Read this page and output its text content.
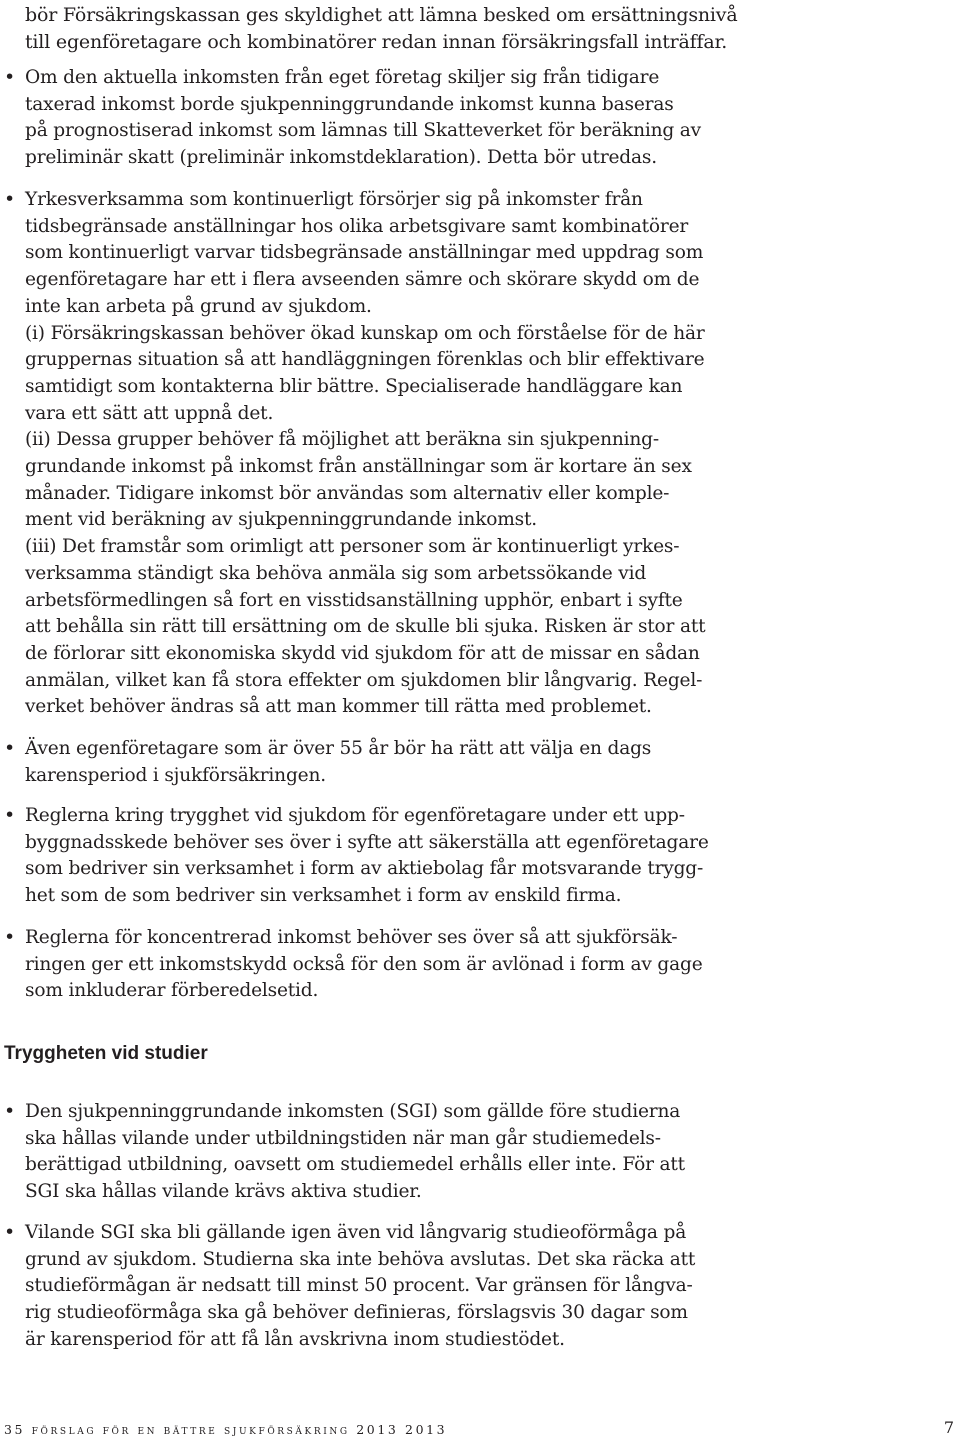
bör Försäkringskassan ges skyldighet att lämna besked om ersättningsnivå
till egenföretagare och kombinatörer redan innan försäkringsfall inträffar.
• Om den aktuella inkomsten från eget företag skiljer sig från tidigare
taxerad inkomst borde sjukpenninggrundande inkomst kunna baseras
på prognostiserad inkomst som lämnas till Skatteverket för beräkning av
preliminär skatt (preliminär inkomstdeklaration). Detta bör utredas.
• Yrkesverksamma som kontinuerligt försörjer sig på inkomster från
tidsbegränsade anställningar hos olika arbetsgivare samt kombinatörer
som kontinuerligt varvar tidsbegränsade anställningar med uppdrag som
egenföretagare har ett i flera avseenden sämre och skörare skydd om de
inte kan arbeta på grund av sjukdom.
(i) Försäkringskassan behöver ökad kunskap om och förståelse för de här
gruppernas situation så att handläggningen förenklas och blir effektivare
samtidigt som kontakterna blir bättre. Specialiserade handläggare kan
vara ett sätt att uppnå det.
(ii) Dessa grupper behöver få möjlighet att beräkna sin sjukpenning-
grundande inkomst på inkomst från anställningar som är kortare än sex
månader. Tidigare inkomst bör användas som alternativ eller komple-
ment vid beräkning av sjukpenninggrundande inkomst.
(iii) Det framstår som orimligt att personer som är kontinuerligt yrkes-
verksamma ständigt ska behöva anmäla sig som arbetssökande vid
arbetsförmedlingen så fort en visstidsanställning upphör, enbart i syfte
att behålla sin rätt till ersättning om de skulle bli sjuka. Risken är stor att
de förlorar sitt ekonomiska skydd vid sjukdom för att de missar en sådan
anmälan, vilket kan få stora effekter om sjukdomen blir långvarig. Regel-
verket behöver ändras så att man kommer till rätta med problemet.
• Även egenföretagare som är över 55 år bör ha rätt att välja en dags
karensperiod i sjukförsäkringen.
• Reglerna kring trygghet vid sjukdom för egenföretagare under ett upp-
byggnadsskede behöver ses över i syfte att säkerställa att egenföretagare
som bedriver sin verksamhet i form av aktiebolag får motsvarande trygg-
het som de som bedriver sin verksamhet i form av enskild firma.
• Reglerna för koncentrerad inkomst behöver ses över så att sjukförsäk-
ringen ger ett inkomstskydd också för den som är avlönad i form av gage
som inkluderar förberedelsetid.
Tryggheten vid studier
• Den sjukpenninggrundande inkomsten (SGI) som gällde före studierna
ska hållas vilande under utbildningstiden när man går studiemedels-
berättigad utbildning, oavsett om studiemedel erhålls eller inte. För att
SGI ska hållas vilande krävs aktiva studier.
• Vilande SGI ska bli gällande igen även vid långvarig studieoförmåga på
grund av sjukdom. Studierna ska inte behöva avslutas. Det ska räcka att
studieförmågan är nedsatt till minst 50 procent. Var gränsen för långva-
rig studieoförmåga ska gå behöver definieras, förslagsvis 30 dagar som
är karensperiod för att få lån avskrivna inom studiestödet.
35 förslag för en bättre sjukförsäkring 2013 2013	7
